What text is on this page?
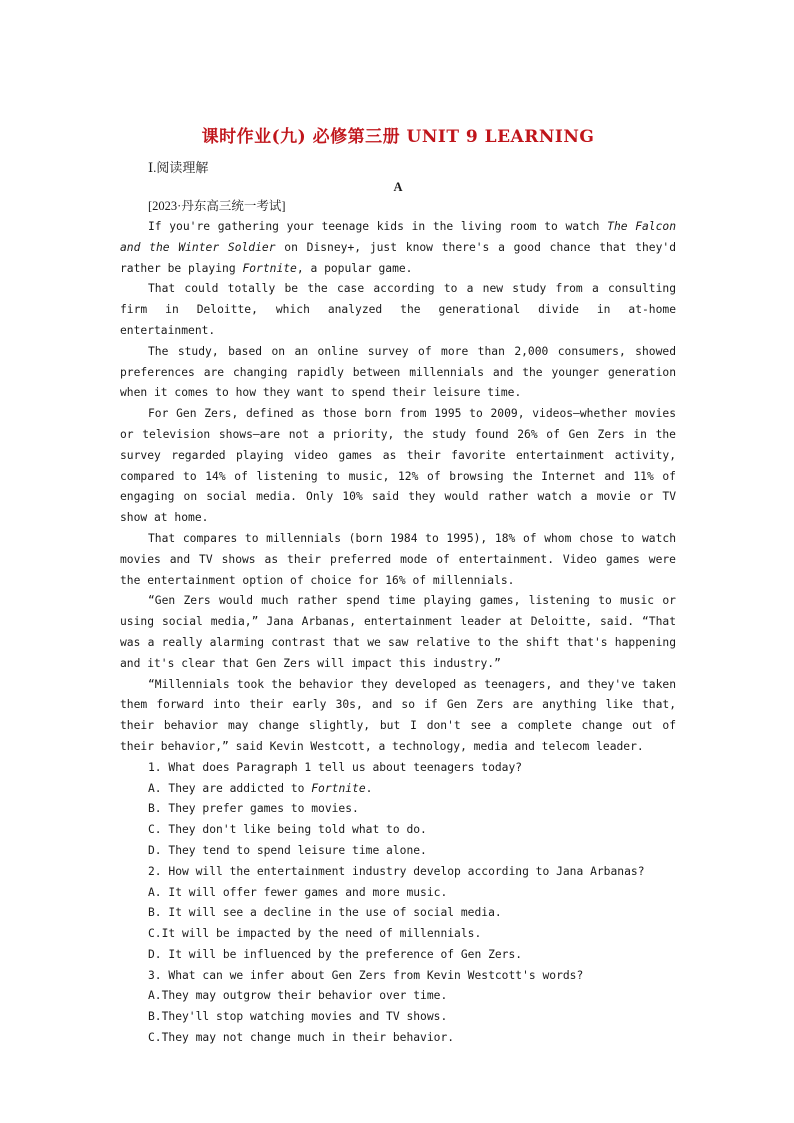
课时作业(九) 必修第三册 UNIT 9 LEARNING
Ⅰ.阅读理解
A
[2023·丹东高三统一考试]

If you're gathering your teenage kids in the living room to watch The Falcon and the Winter Soldier on Disney+, just know there's a good chance that they'd rather be playing Fortnite, a popular game.

That could totally be the case according to a new study from a consulting firm in Deloitte, which analyzed the generational divide in at-home entertainment.

The study, based on an online survey of more than 2,000 consumers, showed preferences are changing rapidly between millennials and the younger generation when it comes to how they want to spend their leisure time.

For Gen Zers, defined as those born from 1995 to 2009, videos—whether movies or television shows—are not a priority, the study found 26% of Gen Zers in the survey regarded playing video games as their favorite entertainment activity, compared to 14% of listening to music, 12% of browsing the Internet and 11% of engaging on social media. Only 10% said they would rather watch a movie or TV show at home.

That compares to millennials (born 1984 to 1995), 18% of whom chose to watch movies and TV shows as their preferred mode of entertainment. Video games were the entertainment option of choice for 16% of millennials.

“Gen Zers would much rather spend time playing games, listening to music or using social media,” Jana Arbanas, entertainment leader at Deloitte, said. “That was a really alarming contrast that we saw relative to the shift that's happening and it's clear that Gen Zers will impact this industry.”

“Millennials took the behavior they developed as teenagers, and they've taken them forward into their early 30s, and so if Gen Zers are anything like that, their behavior may change slightly, but I don't see a complete change out of their behavior,” said Kevin Westcott, a technology, media and telecom leader.

1. What does Paragraph 1 tell us about teenagers today?
A. They are addicted to Fortnite.
B. They prefer games to movies.
C. They don't like being told what to do.
D. They tend to spend leisure time alone.
2. How will the entertainment industry develop according to Jana Arbanas?
A. It will offer fewer games and more music.
B. It will see a decline in the use of social media.
C.It will be impacted by the need of millennials.
D. It will be influenced by the preference of Gen Zers.
3. What can we infer about Gen Zers from Kevin Westcott's words?
A.They may outgrow their behavior over time.
B.They'll stop watching movies and TV shows.
C.They may not change much in their behavior.
